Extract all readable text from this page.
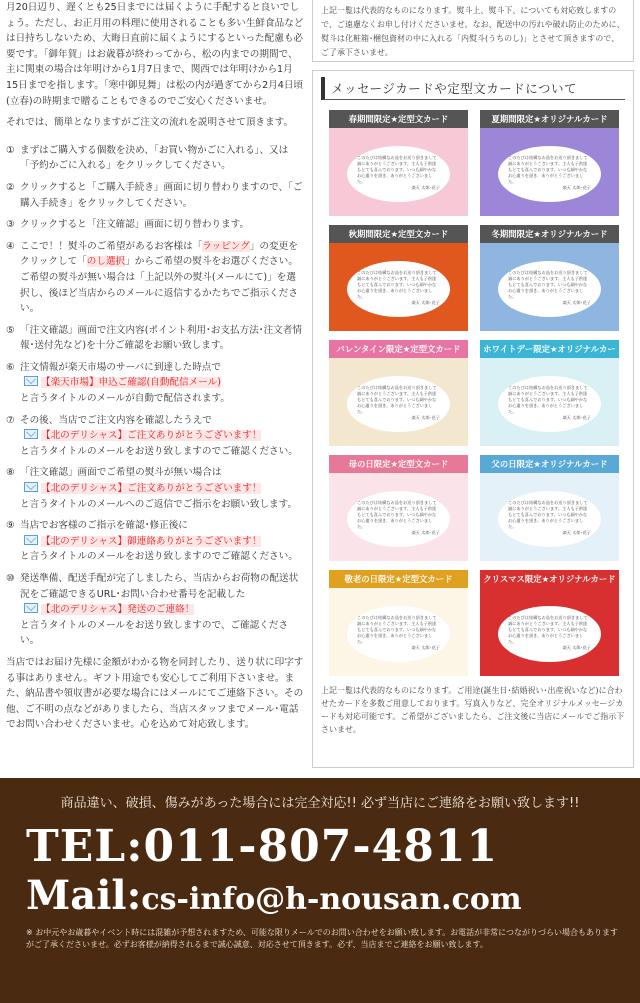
月20日辺り、遅くとも25日までには届くように手配すると良いでしょう。ただし、お正月用の料理に使用されることも多い生鮮食品などは日持ちしないため、大晦日直前に届くようにするといった配慮も必要です。「御年賀」はお歳暮が終わってから、松の内までの期間で、主に関東の場合は年明けから1月7日まで、関西では年明けから1月15日までを指します。「寒中御見舞」は松の内が過ぎてから2月4日頃(立春)の時期まで贈ることもできるのでご安心くださいませ。

それでは、簡単となりますがご注文の流れを説明させて頂きます。

① まずはご購入する個数を決め、「お買い物かごに入れる」、又は「予約かごに入れる」をクリックしてください。
② クリックすると「ご購入手続き」画面に切り替わりますので、「ご購入手続き」をクリックしてください。
③ クリックすると「注文確認」画面に切り替わります。
④ ここで！！熨斗のご希望があるお客様は「ラッピング」の変更をクリックして「のし選択」からご希望の熨斗をお選びください。ご希望の熨斗が無い場合は「上記以外の熨斗(メールにて)」を選択し、後ほど当店からのメールに返信するかたちでご指示ください。
⑤ 「注文確認」画面で注文内容(ポイント利用･お支払方法･注文者情報･送付先など)を十分ご確認をお願い致します。
⑥ 注文情報が楽天市場のサーバに到達した時点で
【楽天市場】申込ご確認(自動配信メール)
と言うタイトルのメールが自動で配信されます。
⑦ その後、当店でご注文内容を確認したうえで
【北のデリシャス】ご注文ありがとうございます！
と言うタイトルのメールをお送り致しますのでご確認ください。
⑧ 「注文確認」画面でご希望の熨斗が無い場合は
【北のデリシャス】ご注文ありがとうございます！
と言うタイトルのメールへのご返信でご指示をお願い致します。
⑨ 当店でお客様のご指示を確認･修正後に
【北のデリシャス】御連絡ありがとうございます！
と言うタイトルのメールをお送り致しますのでご確認ください。
⑩ 発送準備、配送手配が完了しましたら、当店からお荷物の配送状況をご確認できるURL･お問い合わせ番号を記載した
【北のデリシャス】発送のご連絡！
と言うタイトルのメールをお送り致しますので、ご確認ください。

当店ではお届け先様に金額がわかる物を同封したり、送り状に印字する事はありません。ギフト用途でも安心してご利用下さいませ。また、納品書や領収書が必要な場合にはメールにてご連絡下さい。その他、ご不明の点などがありましたら、当店スタッフまでメール･電話でお問い合わせくださいませ。心を込めて対応致します。

上記一覧は代表的なものになります。熨斗上、熨斗下、についても対応致しますので、ご遠慮なくお申し付けくださいませ。なお、配送中の汚れや破れ防止のために、熨斗は化粧箱･梱包資材の中に入れる「内熨斗(うちのし)」とさせて頂きますので、ご了承下さいませ。
メッセージカードや定型文カードについて
春期間限定★定型文カード
このたびは結構なお品をお送り頂きまして誠にありがとうございます。主人も子供達もとても喜んでおります。いつも細やかなお心遣りを頂き、ありがとうございました。
楽天 太郎･花子
夏期間限定★オリジナルカード
このたびは結構なお品をお送り頂きまして誠にありがとうございます。主人も子供達もとても喜んでおります。いつも細やかなお心遣りを頂き、ありがとうございました。
楽天 太郎･花子
秋期間限定★定型文カード
このたびは結構なお品をお送り頂きまして誠にありがとうございます。主人も子供達もとても喜んでおります。いつも細やかなお心遣りを頂き、ありがとうございました。
楽天 太郎･花子
冬期間限定★オリジナルカード
このたびは結構なお品をお送り頂きまして誠にありがとうございます。主人も子供達もとても喜んでおります。いつも細やかなお心遣りを頂き、ありがとうございました。
楽天 太郎･花子
バレンタイン限定★定型文カード
このたびは結構なお品をお送り頂きまして誠にありがとうございます。主人も子供達もとても喜んでおります。いつも細やかなお心遣りを頂き、ありがとうございました。
楽天 太郎･花子
ホワイトデー限定★オリジナルカー
このたびは結構なお品をお送り頂きまして誠にありがとうございます。主人も子供達もとても喜んでおります。いつも細やかなお心遣りを頂き、ありがとうございました。
楽天 太郎･花子
母の日限定★定型文カード
このたびは結構なお品をお送り頂きまして誠にありがとうございます。主人も子供達もとても喜んでおります。いつも細やかなお心遣りを頂き、ありがとうございました。
楽天 太郎･花子
父の日限定★オリジナルカード
このたびは結構なお品をお送り頂きまして誠にありがとうございます。主人も子供達もとても喜んでおります。いつも細やかなお心遣りを頂き、ありがとうございました。
楽天 太郎･花子
敬老の日限定★定型文カード
このたびは結構なお品をお送り頂きまして誠にありがとうございます。主人も子供達もとても喜んでおります。いつも細やかなお心遣りを頂き、ありがとうございました。
楽天 太郎･花子
クリスマス限定★オリジナルカード
このたびは結構なお品をお送り頂きまして誠にありがとうございます。主人も子供達もとても喜んでおります。いつも細やかなお心遣りを頂き、ありがとうございました。
楽天 太郎･花子

上記一覧は代表的なものになります。ご用途(誕生日･結婚祝い･出産祝いなど)に合わせたカードを多数ご用意しております。写真入りなど、完全オリジナルメッセージカードも対応可能です。ご希望がございましたら、ご注文後に当店にメールでご指示下さいませ。

商品違い、破損、傷みがあった場合には完全対応!! 必ず当店にご連絡をお願い致します!!
TEL:011-807-4811
Mail:cs-info@h-nousan.com
※ お中元やお歳暮やイベント時には混雑が予想されますため、可能な限りメールでのお問い合わせをお願い致します。お電話が非常につながりづらい場合もありますがご了承くださいませ。必ずお客様が納得されるまで誠心誠意、対応させて頂きます。必ず、当店までご連絡をお願い致します。
